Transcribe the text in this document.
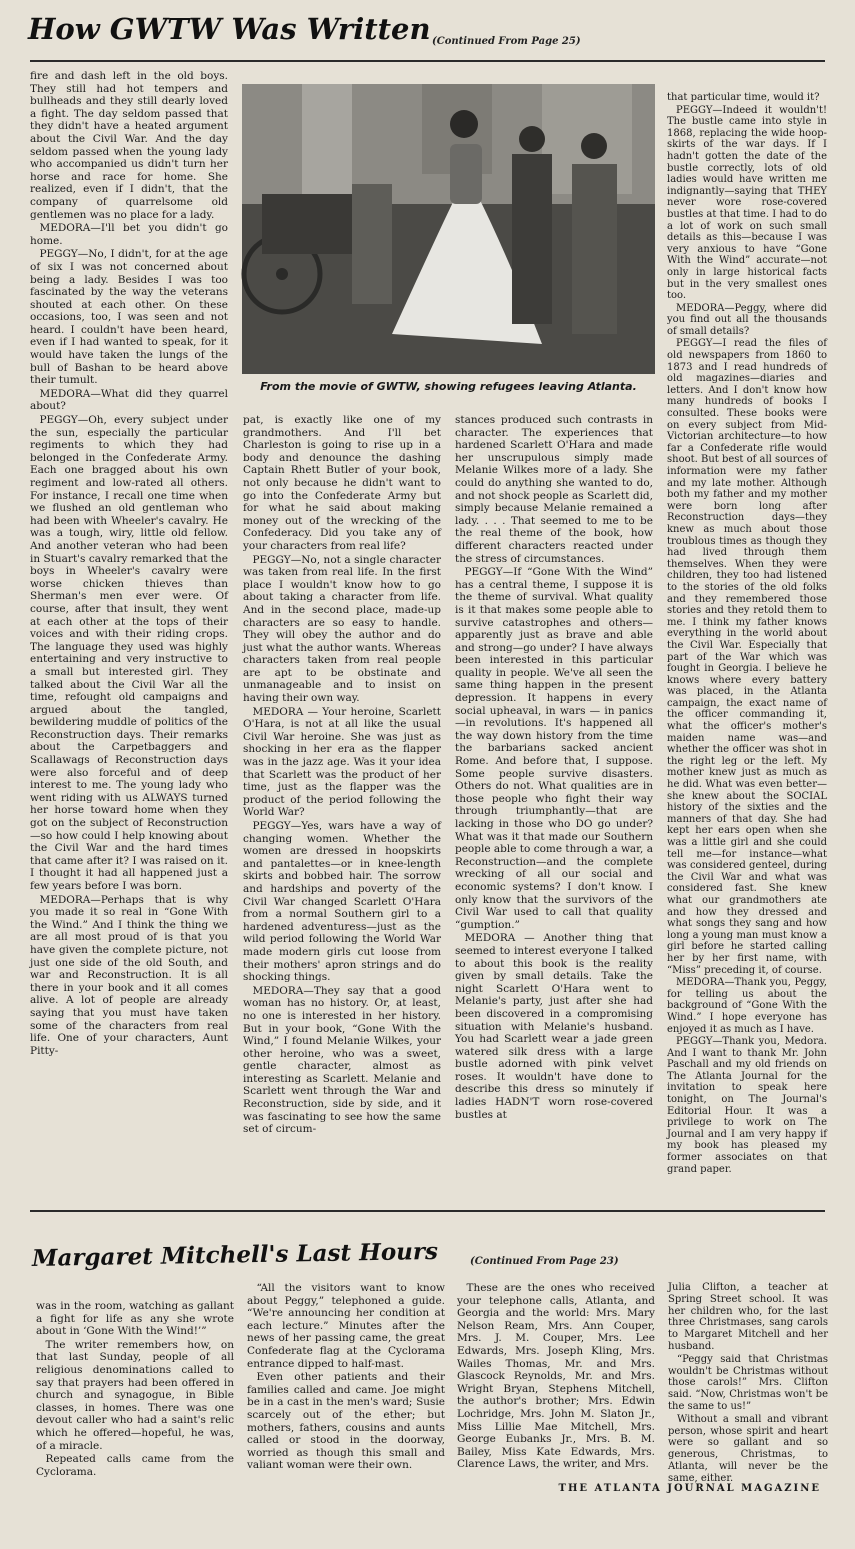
How GWTW Was Written (Continued From Page 25)

fire and dash left in the old boys. They still had hot tempers and bullheads and they still dearly loved a fight. The day seldom passed that they didn't have a heated argument about the Civil War. And the day seldom passed when the young lady who accompanied us didn't turn her horse and race for home. She realized, even if I didn't, that the company of quarrelsome old gentlemen was no place for a lady.

MEDORA—I'll bet you didn't go home.

PEGGY—No, I didn't, for at the age of six I was not concerned about being a lady. Besides I was too fascinated by the way the veterans shouted at each other. On these occasions, too, I was seen and not heard. I couldn't have been heard, even if I had wanted to speak, for it would have taken the lungs of the bull of Bashan to be heard above their tumult.

MEDORA—What did they quarrel about?

PEGGY—Oh, every subject under the sun, especially the particular regiments to which they had belonged in the Confederate Army. Each one bragged about his own regiment and low-rated all others. For instance, I recall one time when we flushed an old gentleman who had been with Wheeler's cavalry. He was a tough, wiry, little old fellow. And another veteran who had been in Stuart's cavalry remarked that the boys in Wheeler's cavalry were worse chicken thieves than Sherman's men ever were. Of course, after that insult, they went at each other at the tops of their voices and with their riding crops. The language they used was highly entertaining and very instructive to a small but interested girl. They talked about the Civil War all the time, refought old campaigns and argued about the tangled, bewildering muddle of politics of the Reconstruction days. Their remarks about the Carpetbaggers and Scallawags of Reconstruction days were also forceful and of deep interest to me. The young lady who went riding with us ALWAYS turned her horse toward home when they got on the subject of Reconstruction—so how could I help knowing about the Civil War and the hard times that came after it? I was raised on it. I thought it had all happened just a few years before I was born.

MEDORA—Perhaps that is why you made it so real in “Gone With the Wind.” And I think the thing we are all most proud of is that you have given the complete picture, not just one side of the old South, and war and Reconstruction. It is all there in your book and it all comes alive. A lot of people are already saying that you must have taken some of the characters from real life. One of your characters, Aunt Pitty-

From the movie of GWTW, showing refugees leaving Atlanta.

pat, is exactly like one of my grandmothers. And I'll bet Charleston is going to rise up in a body and denounce the dashing Captain Rhett Butler of your book, not only because he didn't want to go into the Confederate Army but for what he said about making money out of the wrecking of the Confederacy. Did you take any of your characters from real life?

PEGGY—No, not a single character was taken from real life. In the first place I wouldn't know how to go about taking a character from life. And in the second place, made-up characters are so easy to handle. They will obey the author and do just what the author wants. Whereas characters taken from real people are apt to be obstinate and unmanageable and to insist on having their own way.

MEDORA — Your heroine, Scarlett O'Hara, is not at all like the usual Civil War heroine. She was just as shocking in her era as the flapper was in the jazz age. Was it your idea that Scarlett was the product of her time, just as the flapper was the product of the period following the World War?

PEGGY—Yes, wars have a way of changing women. Whether the women are dressed in hoopskirts and pantalettes—or in knee-length skirts and bobbed hair. The sorrow and hardships and poverty of the Civil War changed Scarlett O'Hara from a normal Southern girl to a hardened adventuress—just as the wild period following the World War made modern girls cut loose from their mothers' apron strings and do shocking things.

MEDORA—They say that a good woman has no history. Or, at least, no one is interested in her history. But in your book, “Gone With the Wind,” I found Melanie Wilkes, your other heroine, who was a sweet, gentle character, almost as interesting as Scarlett. Melanie and Scarlett went through the War and Reconstruction, side by side, and it was fascinating to see how the same set of circum-

stances produced such contrasts in character. The experiences that hardened Scarlett O'Hara and made her unscrupulous simply made Melanie Wilkes more of a lady. She could do anything she wanted to do, and not shock people as Scarlett did, simply because Melanie remained a lady. . . . That seemed to me to be the real theme of the book, how different characters reacted under the stress of circumstances.

PEGGY—If “Gone With the Wind” has a central theme, I suppose it is the theme of survival. What quality is it that makes some people able to survive catastrophes and others—apparently just as brave and able and strong—go under? I have always been interested in this particular quality in people. We've all seen the same thing happen in the present depression. It happens in every social upheaval, in wars — in panics—in revolutions. It's happened all the way down history from the time the barbarians sacked ancient Rome. And before that, I suppose. Some people survive disasters. Others do not. What qualities are in those people who fight their way through triumphantly—that are lacking in those who DO go under? What was it that made our Southern people able to come through a war, a Reconstruction—and the complete wrecking of all our social and economic systems? I don't know. I only know that the survivors of the Civil War used to call that quality “gumption.”

MEDORA — Another thing that seemed to interest everyone I talked to about this book is the reality given by small details. Take the night Scarlett O'Hara went to Melanie's party, just after she had been discovered in a compromising situation with Melanie's husband. You had Scarlett wear a jade green watered silk dress with a large bustle adorned with pink velvet roses. It wouldn't have done to describe this dress so minutely if ladies HADN'T worn rose-covered bustles at

that particular time, would it?

PEGGY—Indeed it wouldn't! The bustle came into style in 1868, replacing the wide hoop-skirts of the war days. If I hadn't gotten the date of the bustle correctly, lots of old ladies would have written me indignantly—saying that THEY never wore rose-covered bustles at that time. I had to do a lot of work on such small details as this—because I was very anxious to have “Gone With the Wind” accurate—not only in large historical facts but in the very smallest ones too.

MEDORA—Peggy, where did you find out all the thousands of small details?

PEGGY—I read the files of old newspapers from 1860 to 1873 and I read hundreds of old magazines—diaries and letters. And I don't know how many hundreds of books I consulted. These books were on every subject from Mid-Victorian architecture—to how far a Confederate rifle would shoot. But best of all sources of information were my father and my late mother. Although both my father and my mother were born long after Reconstruction days—they knew as much about those troublous times as though they had lived through them themselves. When they were children, they too had listened to the stories of the old folks and they remembered those stories and they retold them to me. I think my father knows everything in the world about the Civil War. Especially that part of the War which was fought in Georgia. I believe he knows where every battery was placed, in the Atlanta campaign, the exact name of the officer commanding it, what the officer's mother's maiden name was—and whether the officer was shot in the right leg or the left. My mother knew just as much as he did. What was even better—she knew about the SOCIAL history of the sixties and the manners of that day. She had kept her ears open when she was a little girl and she could tell me—for instance—what was considered genteel, during the Civil War and what was considered fast. She knew what our grandmothers ate and how they dressed and what songs they sang and how long a young man must know a girl before he started calling her by her first name, with “Miss” preceding it, of course.

MEDORA—Thank you, Peggy, for telling us about the background of “Gone With the Wind.” I hope everyone has enjoyed it as much as I have.

PEGGY—Thank you, Medora. And I want to thank Mr. John Paschall and my old friends on The Atlanta Journal for the invitation to speak here tonight, on The Journal's Editorial Hour. It was a privilege to work on The Journal and I am very happy if my book has pleased my former associates on that grand paper.

Margaret Mitchell's Last Hours	(Continued From Page 23)

was in the room, watching as gallant a fight for life as any she wrote about in ‘Gone With the Wind!’”

The writer remembers how, on that last Sunday, people of all religious denominations called to say that prayers had been offered in church and synagogue, in Bible classes, in homes. There was one devout caller who had a saint's relic which he offered—hopeful, he was, of a miracle.

Repeated calls came from the Cyclorama.

“All the visitors want to know about Peggy,” telephoned a guide. “We're announcing her condition at each lecture.” Minutes after the news of her passing came, the great Confederate flag at the Cyclorama entrance dipped to half-mast.

Even other patients and their families called and came. Joe might be in a cast in the men's ward; Susie scarcely out of the ether; but mothers, fathers, cousins and aunts called or stood in the doorway, worried as though this small and valiant woman were their own.

These are the ones who received your telephone calls, Atlanta, and Georgia and the world: Mrs. Mary Nelson Ream, Mrs. Ann Couper, Mrs. J. M. Couper, Mrs. Lee Edwards, Mrs. Joseph Kling, Mrs. Wailes Thomas, Mr. and Mrs. Glascock Reynolds, Mr. and Mrs. Wright Bryan, Stephens Mitchell, the author's brother; Mrs. Edwin Lochridge, Mrs. John M. Slaton Jr., Miss Lillie Mae Mitchell, Mrs. George Eubanks Jr., Mrs. B. M. Bailey, Miss Kate Edwards, Mrs. Clarence Laws, the writer, and Mrs.

Julia Clifton, a teacher at Spring Street school. It was her children who, for the last three Christmases, sang carols to Margaret Mitchell and her husband.

“Peggy said that Christmas wouldn't be Christmas without those carols!” Mrs. Clifton said. “Now, Christmas won't be the same to us!”

Without a small and vibrant person, whose spirit and heart were so gallant and so generous, Christmas, to Atlanta, will never be the same, either.

THE ATLANTA JOURNAL MAGAZINE
